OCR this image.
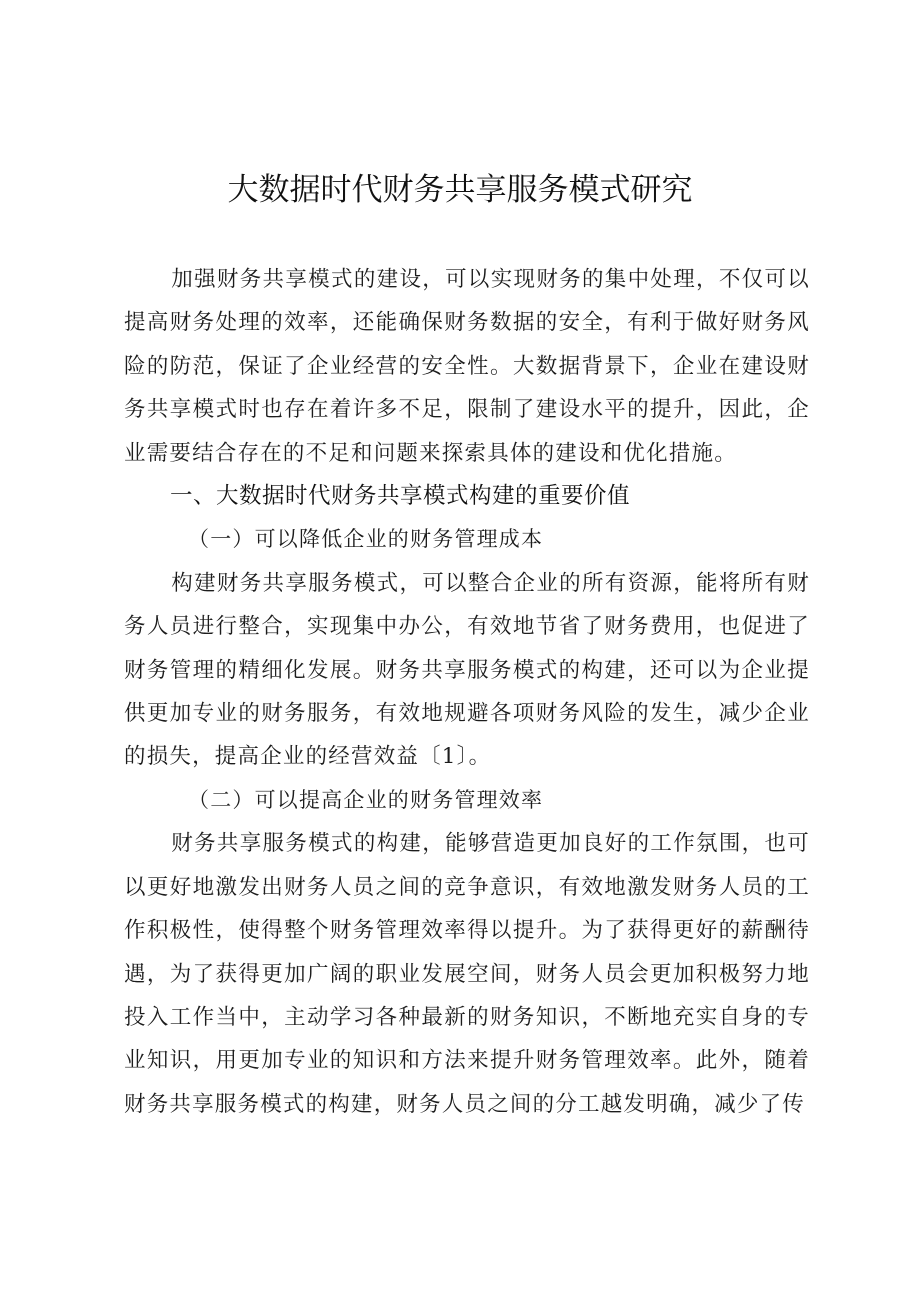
大数据时代财务共享服务模式研究

加强财务共享模式的建设，可以实现财务的集中处理，不仅可以提高财务处理的效率，还能确保财务数据的安全，有利于做好财务风险的防范，保证了企业经营的安全性。大数据背景下，企业在建设财务共享模式时也存在着许多不足，限制了建设水平的提升，因此，企业需要结合存在的不足和问题来探索具体的建设和优化措施。

一、大数据时代财务共享模式构建的重要价值

（一）可以降低企业的财务管理成本

构建财务共享服务模式，可以整合企业的所有资源，能将所有财务人员进行整合，实现集中办公，有效地节省了财务费用，也促进了财务管理的精细化发展。财务共享服务模式的构建，还可以为企业提供更加专业的财务服务，有效地规避各项财务风险的发生，减少企业的损失，提高企业的经营效益〔1〕。

（二）可以提高企业的财务管理效率

财务共享服务模式的构建，能够营造更加良好的工作氛围，也可以更好地激发出财务人员之间的竞争意识，有效地激发财务人员的工作积极性，使得整个财务管理效率得以提升。为了获得更好的薪酬待遇，为了获得更加广阔的职业发展空间，财务人员会更加积极努力地投入工作当中，主动学习各种最新的财务知识，不断地充实自身的专业知识，用更加专业的知识和方法来提升财务管理效率。此外，随着财务共享服务模式的构建，财务人员之间的分工越发明确，减少了传
